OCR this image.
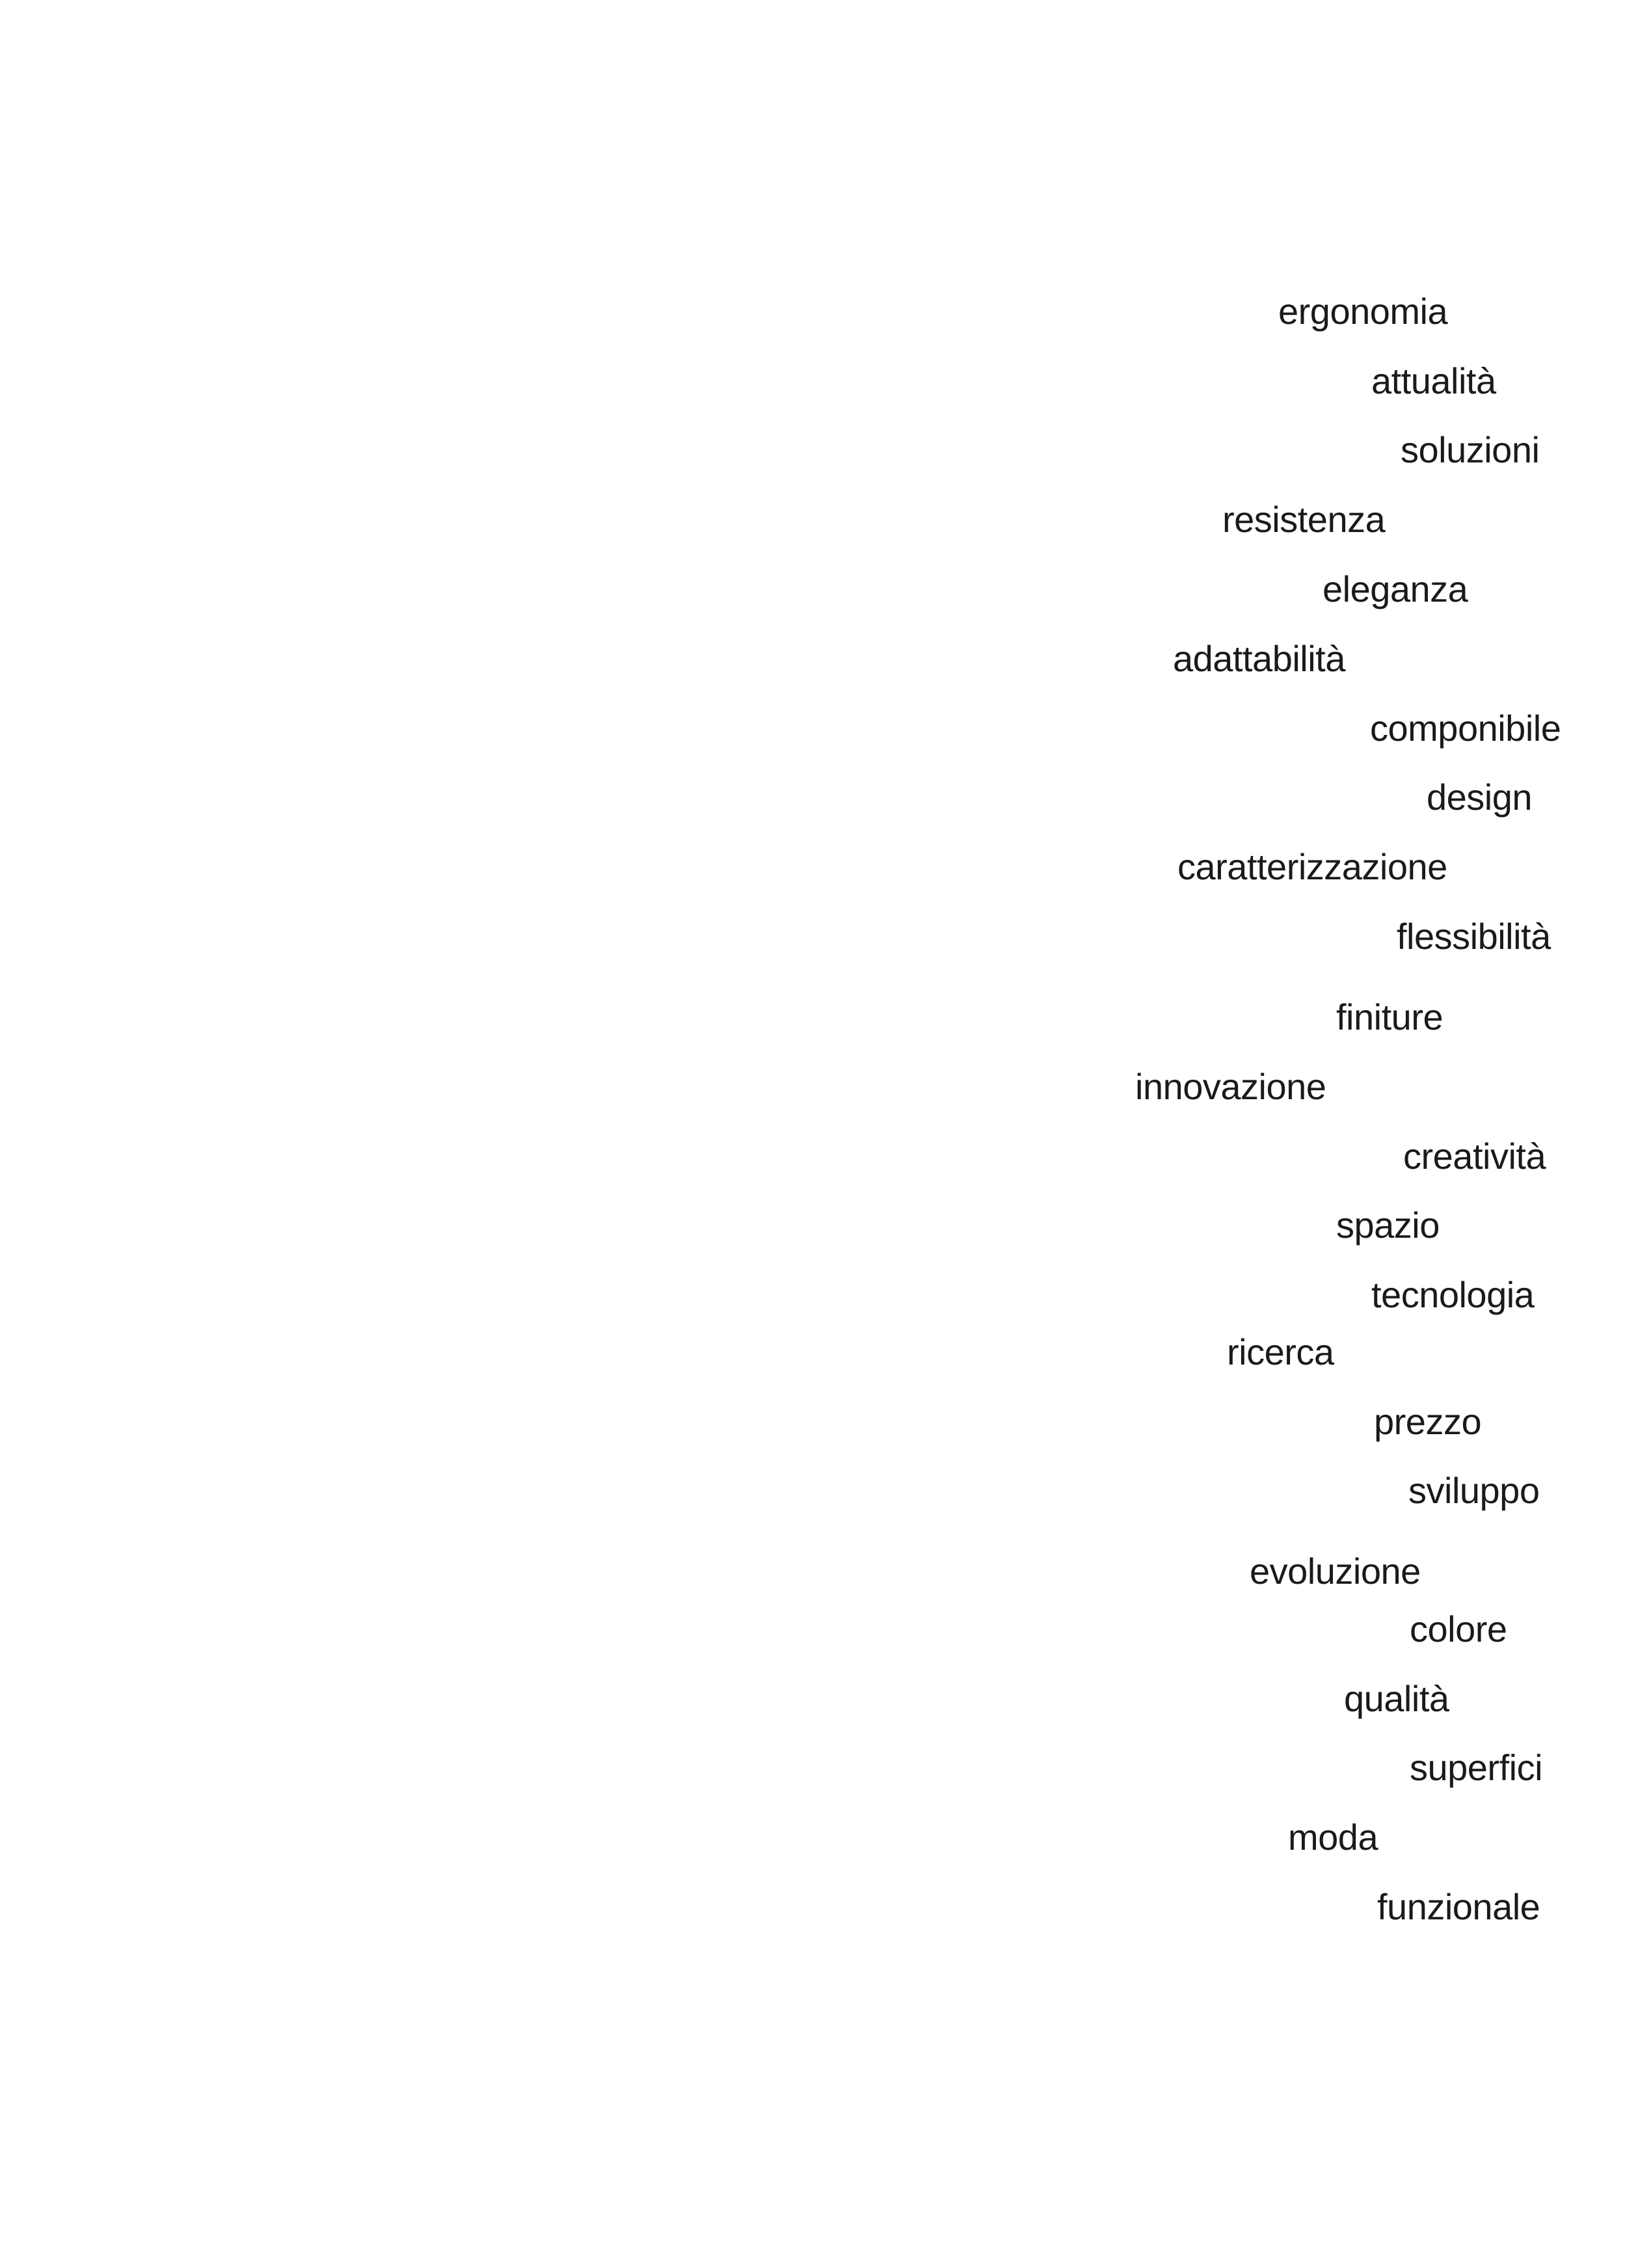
ergonomia

attualità

soluzioni

resistenza

eleganza

adattabilità

componibile

design

caratterizzazione

flessibilità

finiture

innovazione

creatività

spazio

tecnologia

ricerca

prezzo

sviluppo

evoluzione

colore

qualità

superfici

moda

funzionale
